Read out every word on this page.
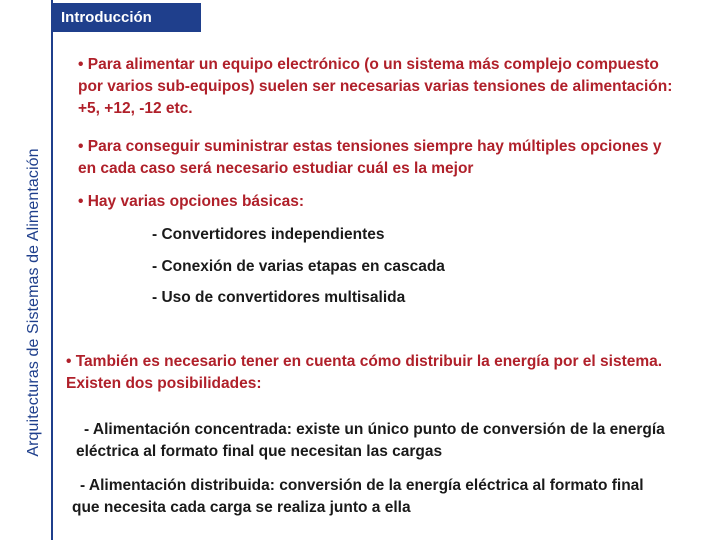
Arquitecturas de Sistemas de Alimentación
Introducción

• Para alimentar un equipo electrónico (o un sistema más complejo compuesto por varios sub-equipos) suelen ser necesarias varias tensiones de alimentación: +5, +12, -12 etc.

• Para conseguir suministrar estas tensiones siempre hay múltiples opciones y en cada caso será necesario estudiar cuál es la mejor

• Hay varias opciones básicas:

- Convertidores independientes

- Conexión de varias etapas en cascada

- Uso de convertidores multisalida

• También es necesario tener en cuenta cómo distribuir la energía por el sistema. Existen dos posibilidades:

- Alimentación concentrada: existe un único punto de conversión de la energía eléctrica al formato final que necesitan las cargas

- Alimentación distribuida: conversión de la energía eléctrica al formato final que necesita cada carga se realiza junto a ella
